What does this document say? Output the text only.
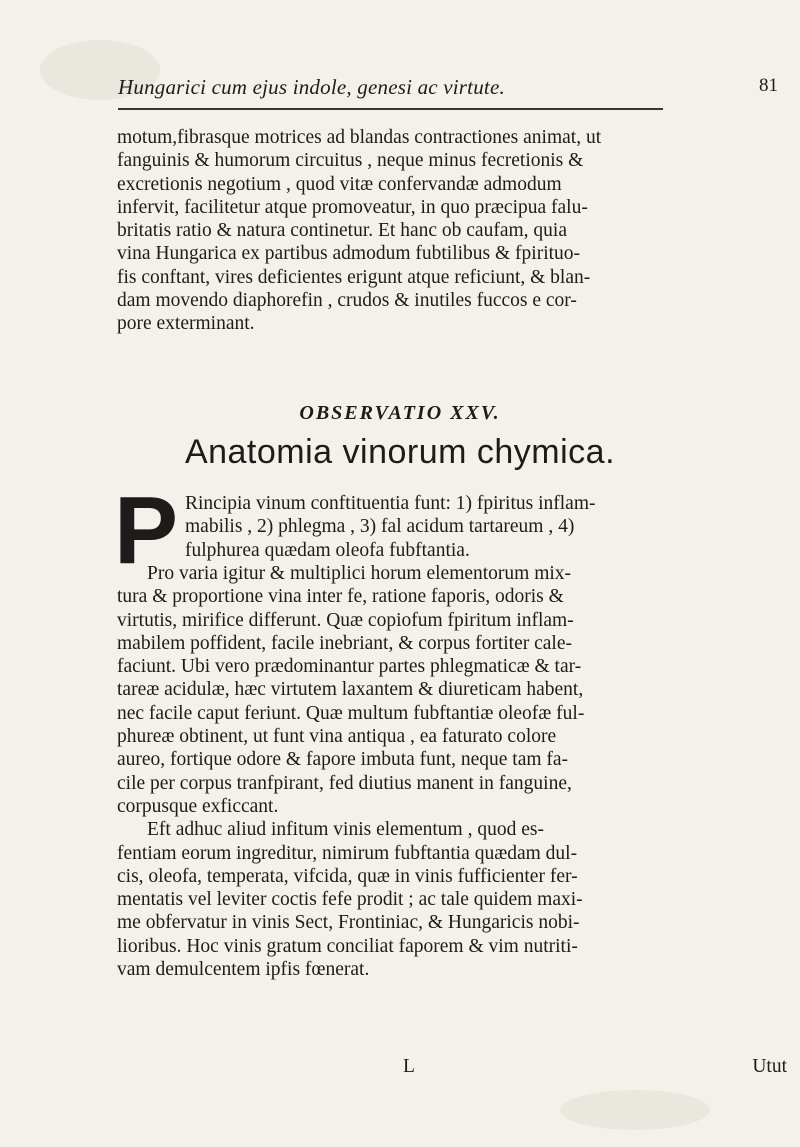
Hungarici cum ejus indole, genesi ac virtute.	81
motum,fibrasque motrices ad blandas contractiones animat, ut
fanguinis & humorum circuitus , neque minus fecretionis &
excretionis negotium , quod vitæ confervandæ admodum
infervit, facilitetur atque promoveatur, in quo præcipua falu-
britatis ratio & natura continetur. Et hanc ob caufam, quia
vina Hungarica ex partibus admodum fubtilibus & fpirituo-
fis conftant, vires deficientes erigunt atque reficiunt, & blan-
dam movendo diaphorefin , crudos & inutiles fuccos e cor-
pore exterminant.
OBSERVATIO XXV.
Anatomia vinorum chymica.
P Rincipia vinum conftituentia funt: 1) fpiritus inflam-
mabilis , 2) phlegma , 3) fal acidum tartareum , 4)
fulphurea quædam oleofa fubftantia.
Pro varia igitur & multiplici horum elementorum mix-
tura & proportione vina inter fe, ratione faporis, odoris &
virtutis, mirifice differunt. Quæ copiofum fpiritum inflam-
mabilem poffident, facile inebriant, & corpus fortiter cale-
faciunt. Ubi vero prædominantur partes phlegmaticæ & tar-
tareæ acidulæ, hæc virtutem laxantem & diureticam habent,
nec facile caput feriunt. Quæ multum fubftantiæ oleofæ ful-
phureæ obtinent, ut funt vina antiqua , ea faturato colore
aureo, fortique odore & fapore imbuta funt, neque tam fa-
cile per corpus tranfpirant, fed diutius manent in fanguine,
corpusque exficcant.
Eft adhuc aliud infitum vinis elementum , quod es-
fentiam eorum ingreditur, nimirum fubftantia quædam dul-
cis, oleofa, temperata, vifcida, quæ in vinis fufficienter fer-
mentatis vel leviter coctis fefe prodit ; ac tale quidem maxi-
me obfervatur in vinis Sect, Frontiniac, & Hungaricis nobi-
lioribus. Hoc vinis gratum conciliat faporem & vim nutriti-
vam demulcentem ipfis fœnerat.
L	Utut
